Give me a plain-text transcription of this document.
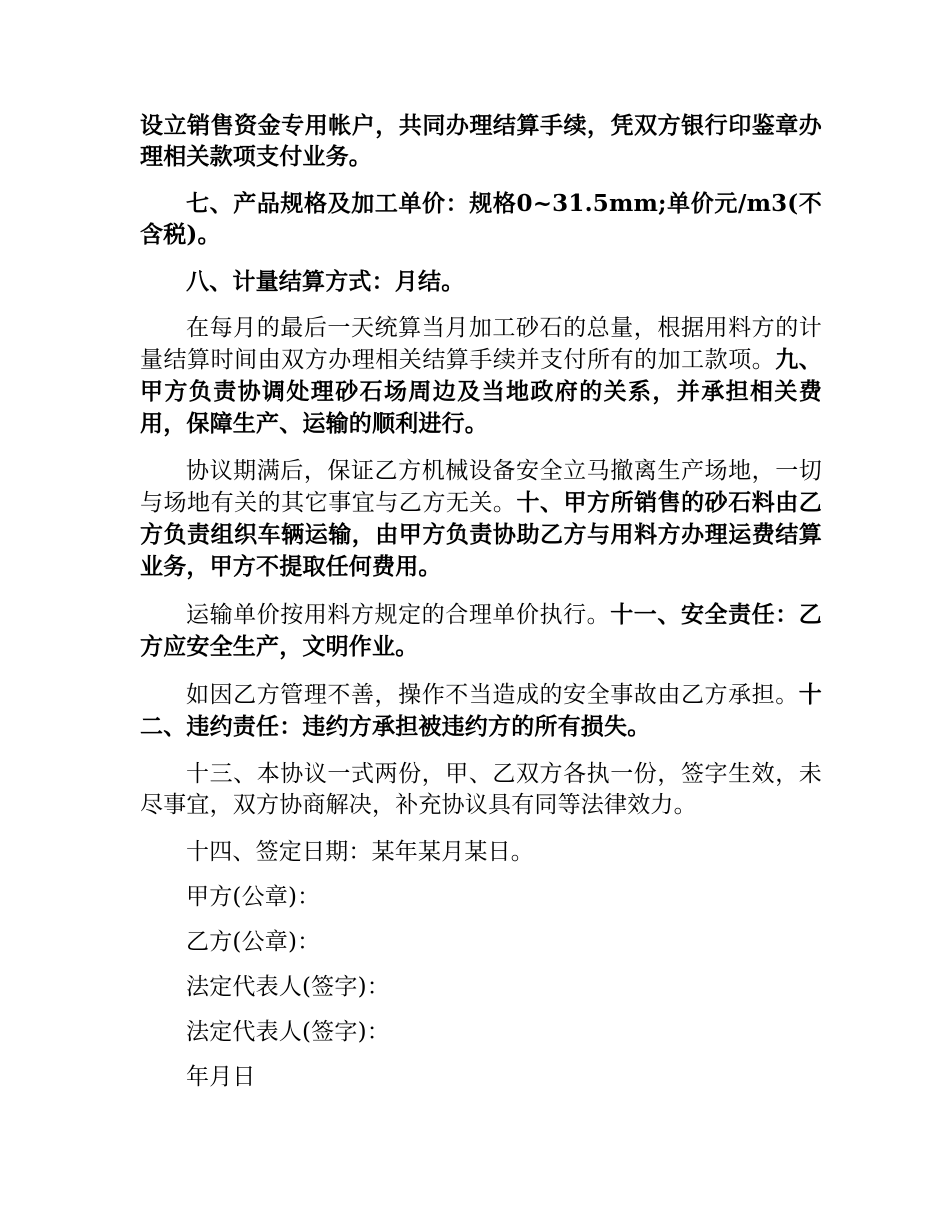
设立销售资金专用帐户，共同办理结算手续，凭双方银行印鉴章办理相关款项支付业务。

七、产品规格及加工单价：规格0~31.5mm;单价元/m3(不含税)。

八、计量结算方式：月结。

在每月的最后一天统算当月加工砂石的总量，根据用料方的计量结算时间由双方办理相关结算手续并支付所有的加工款项。九、甲方负责协调处理砂石场周边及当地政府的关系，并承担相关费用，保障生产、运输的顺利进行。

协议期满后，保证乙方机械设备安全立马撤离生产场地，一切与场地有关的其它事宜与乙方无关。十、甲方所销售的砂石料由乙方负责组织车辆运输，由甲方负责协助乙方与用料方办理运费结算业务，甲方不提取任何费用。

运输单价按用料方规定的合理单价执行。十一、安全责任：乙方应安全生产，文明作业。

如因乙方管理不善，操作不当造成的安全事故由乙方承担。十二、违约责任：违约方承担被违约方的所有损失。

十三、本协议一式两份，甲、乙双方各执一份，签字生效，未尽事宜，双方协商解决，补充协议具有同等法律效力。

十四、签定日期：某年某月某日。

甲方(公章)：

乙方(公章)：

法定代表人(签字)：

法定代表人(签字)：

年月日
